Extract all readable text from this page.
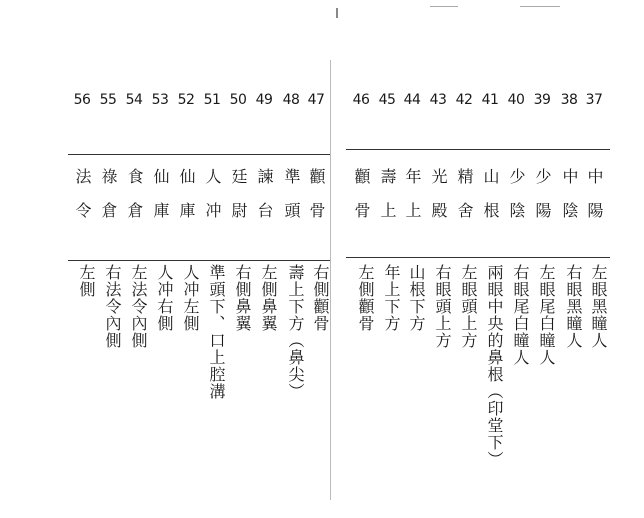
56
法令
左側
55
祿倉
右法令內側
54
食倉
左法令內側
53
仙庫
人冲右側
52
仙庫
人冲左側
51
人冲
準頭下、口上腔溝
50
廷尉
右側鼻翼
49
諫台
左側鼻翼
48
準頭
壽上下方︵鼻尖︶
47
顴骨
右側顴骨
46
顴骨
左側顴骨
45
壽上
年上下方
44
年上
山根下方
43
光殿
右眼頭上方
42
精舍
左眼頭上方
41
山根
兩眼中央的鼻根︵印堂下︶
40
少陰
右眼尾白瞳人
39
少陽
左眼尾白瞳人
38
中陰
右眼黑瞳人
37
中陽
左眼黑瞳人
